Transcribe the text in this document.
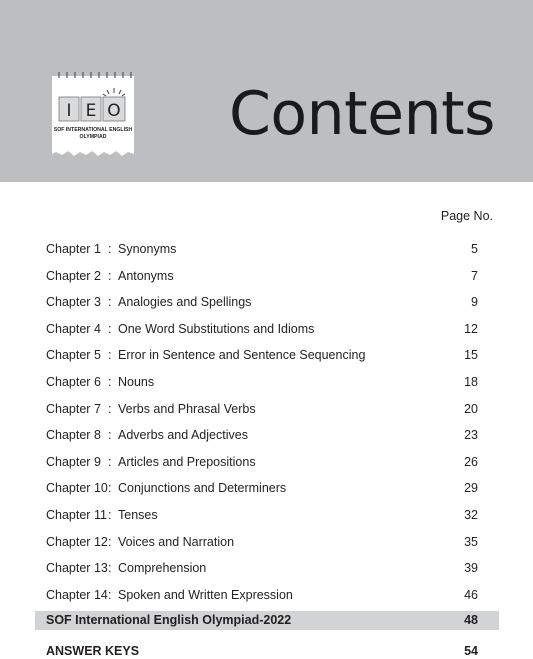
I E O
SOF INTERNATIONAL ENGLISH
OLYMPIAD Contents
Page No.
Chapter 1 : Synonyms	5
Chapter 2 : Antonyms	7
Chapter 3 : Analogies and Spellings	9
Chapter 4 : One Word Substitutions and Idioms	12
Chapter 5 : Error in Sentence and Sentence Sequencing	15
Chapter 6 : Nouns	18
Chapter 7 : Verbs and Phrasal Verbs	20
Chapter 8 : Adverbs and Adjectives	23
Chapter 9 : Articles and Prepositions	26
Chapter 10 : Conjunctions and Determiners	29
Chapter 11 : Tenses	32
Chapter 12 : Voices and Narration	35
Chapter 13 : Comprehension	39
Chapter 14 : Spoken and Written Expression	46
SOF International English Olympiad-2022	48
ANSWER KEYS	54
